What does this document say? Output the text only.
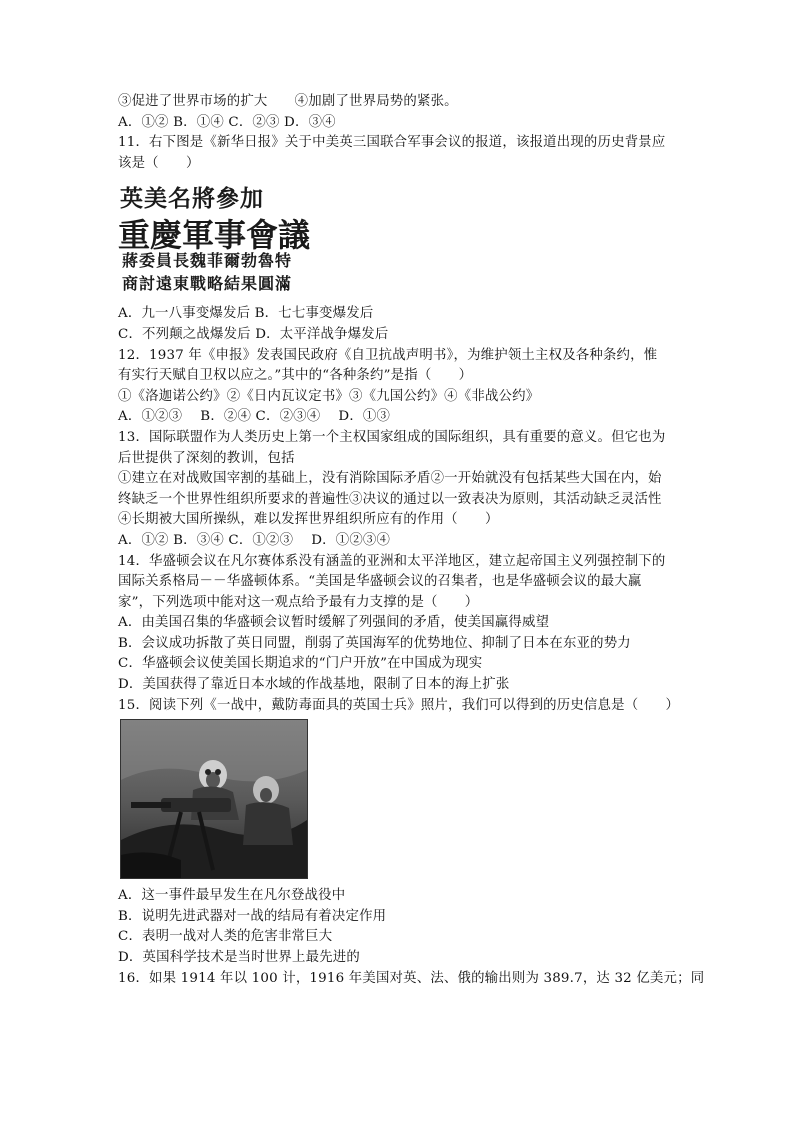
③促进了世界市场的扩大　　④加剧了世界局势的紧张。
A．①② B．①④ C．②③ D．③④
11．右下图是《新华日报》关于中美英三国联合军事会议的报道，该报道出现的历史背景应
该是（　　）
英美名將參加
重慶軍事會議
蔣委員長魏菲爾勃魯特
商討遠東戰略結果圓滿
A．九一八事变爆发后 B．七七事变爆发后
C．不列颠之战爆发后 D．太平洋战争爆发后
12．1937 年《申报》发表国民政府《自卫抗战声明书》，为维护领土主权及各种条约，惟
有实行天赋自卫权以应之。”其中的“各种条约”是指（　　）
①《洛迦诺公约》②《日内瓦议定书》③《九国公约》④《非战公约》
A．①②③　 B．②④ C．②③④　 D．①③
13．国际联盟作为人类历史上第一个主权国家组成的国际组织，具有重要的意义。但它也为
后世提供了深刻的教训，包括
①建立在对战败国宰割的基础上，没有消除国际矛盾②一开始就没有包括某些大国在内，始
终缺乏一个世界性组织所要求的普遍性③决议的通过以一致表决为原则，其活动缺乏灵活性
④长期被大国所操纵，难以发挥世界组织所应有的作用（　　）
A．①② B．③④ C．①②③　 D．①②③④
14．华盛顿会议在凡尔赛体系没有涵盖的亚洲和太平洋地区，建立起帝国主义列强控制下的
国际关系格局－－华盛顿体系。“美国是华盛顿会议的召集者，也是华盛顿会议的最大赢
家”，下列选项中能对这一观点给予最有力支撑的是（　　）
A．由美国召集的华盛顿会议暂时缓解了列强间的矛盾，使美国赢得威望
B．会议成功拆散了英日同盟，削弱了英国海军的优势地位、抑制了日本在东亚的势力
C．华盛顿会议使美国长期追求的“门户开放”在中国成为现实
D．美国获得了靠近日本水域的作战基地，限制了日本的海上扩张
15．阅读下列《一战中，戴防毒面具的英国士兵》照片，我们可以得到的历史信息是（　　）
A．这一事件最早发生在凡尔登战役中
B．说明先进武器对一战的结局有着决定作用
C．表明一战对人类的危害非常巨大
D．英国科学技术是当时世界上最先进的
16．如果 1914 年以 100 计，1916 年美国对英、法、俄的输出则为 389.7，达 32 亿美元；同
